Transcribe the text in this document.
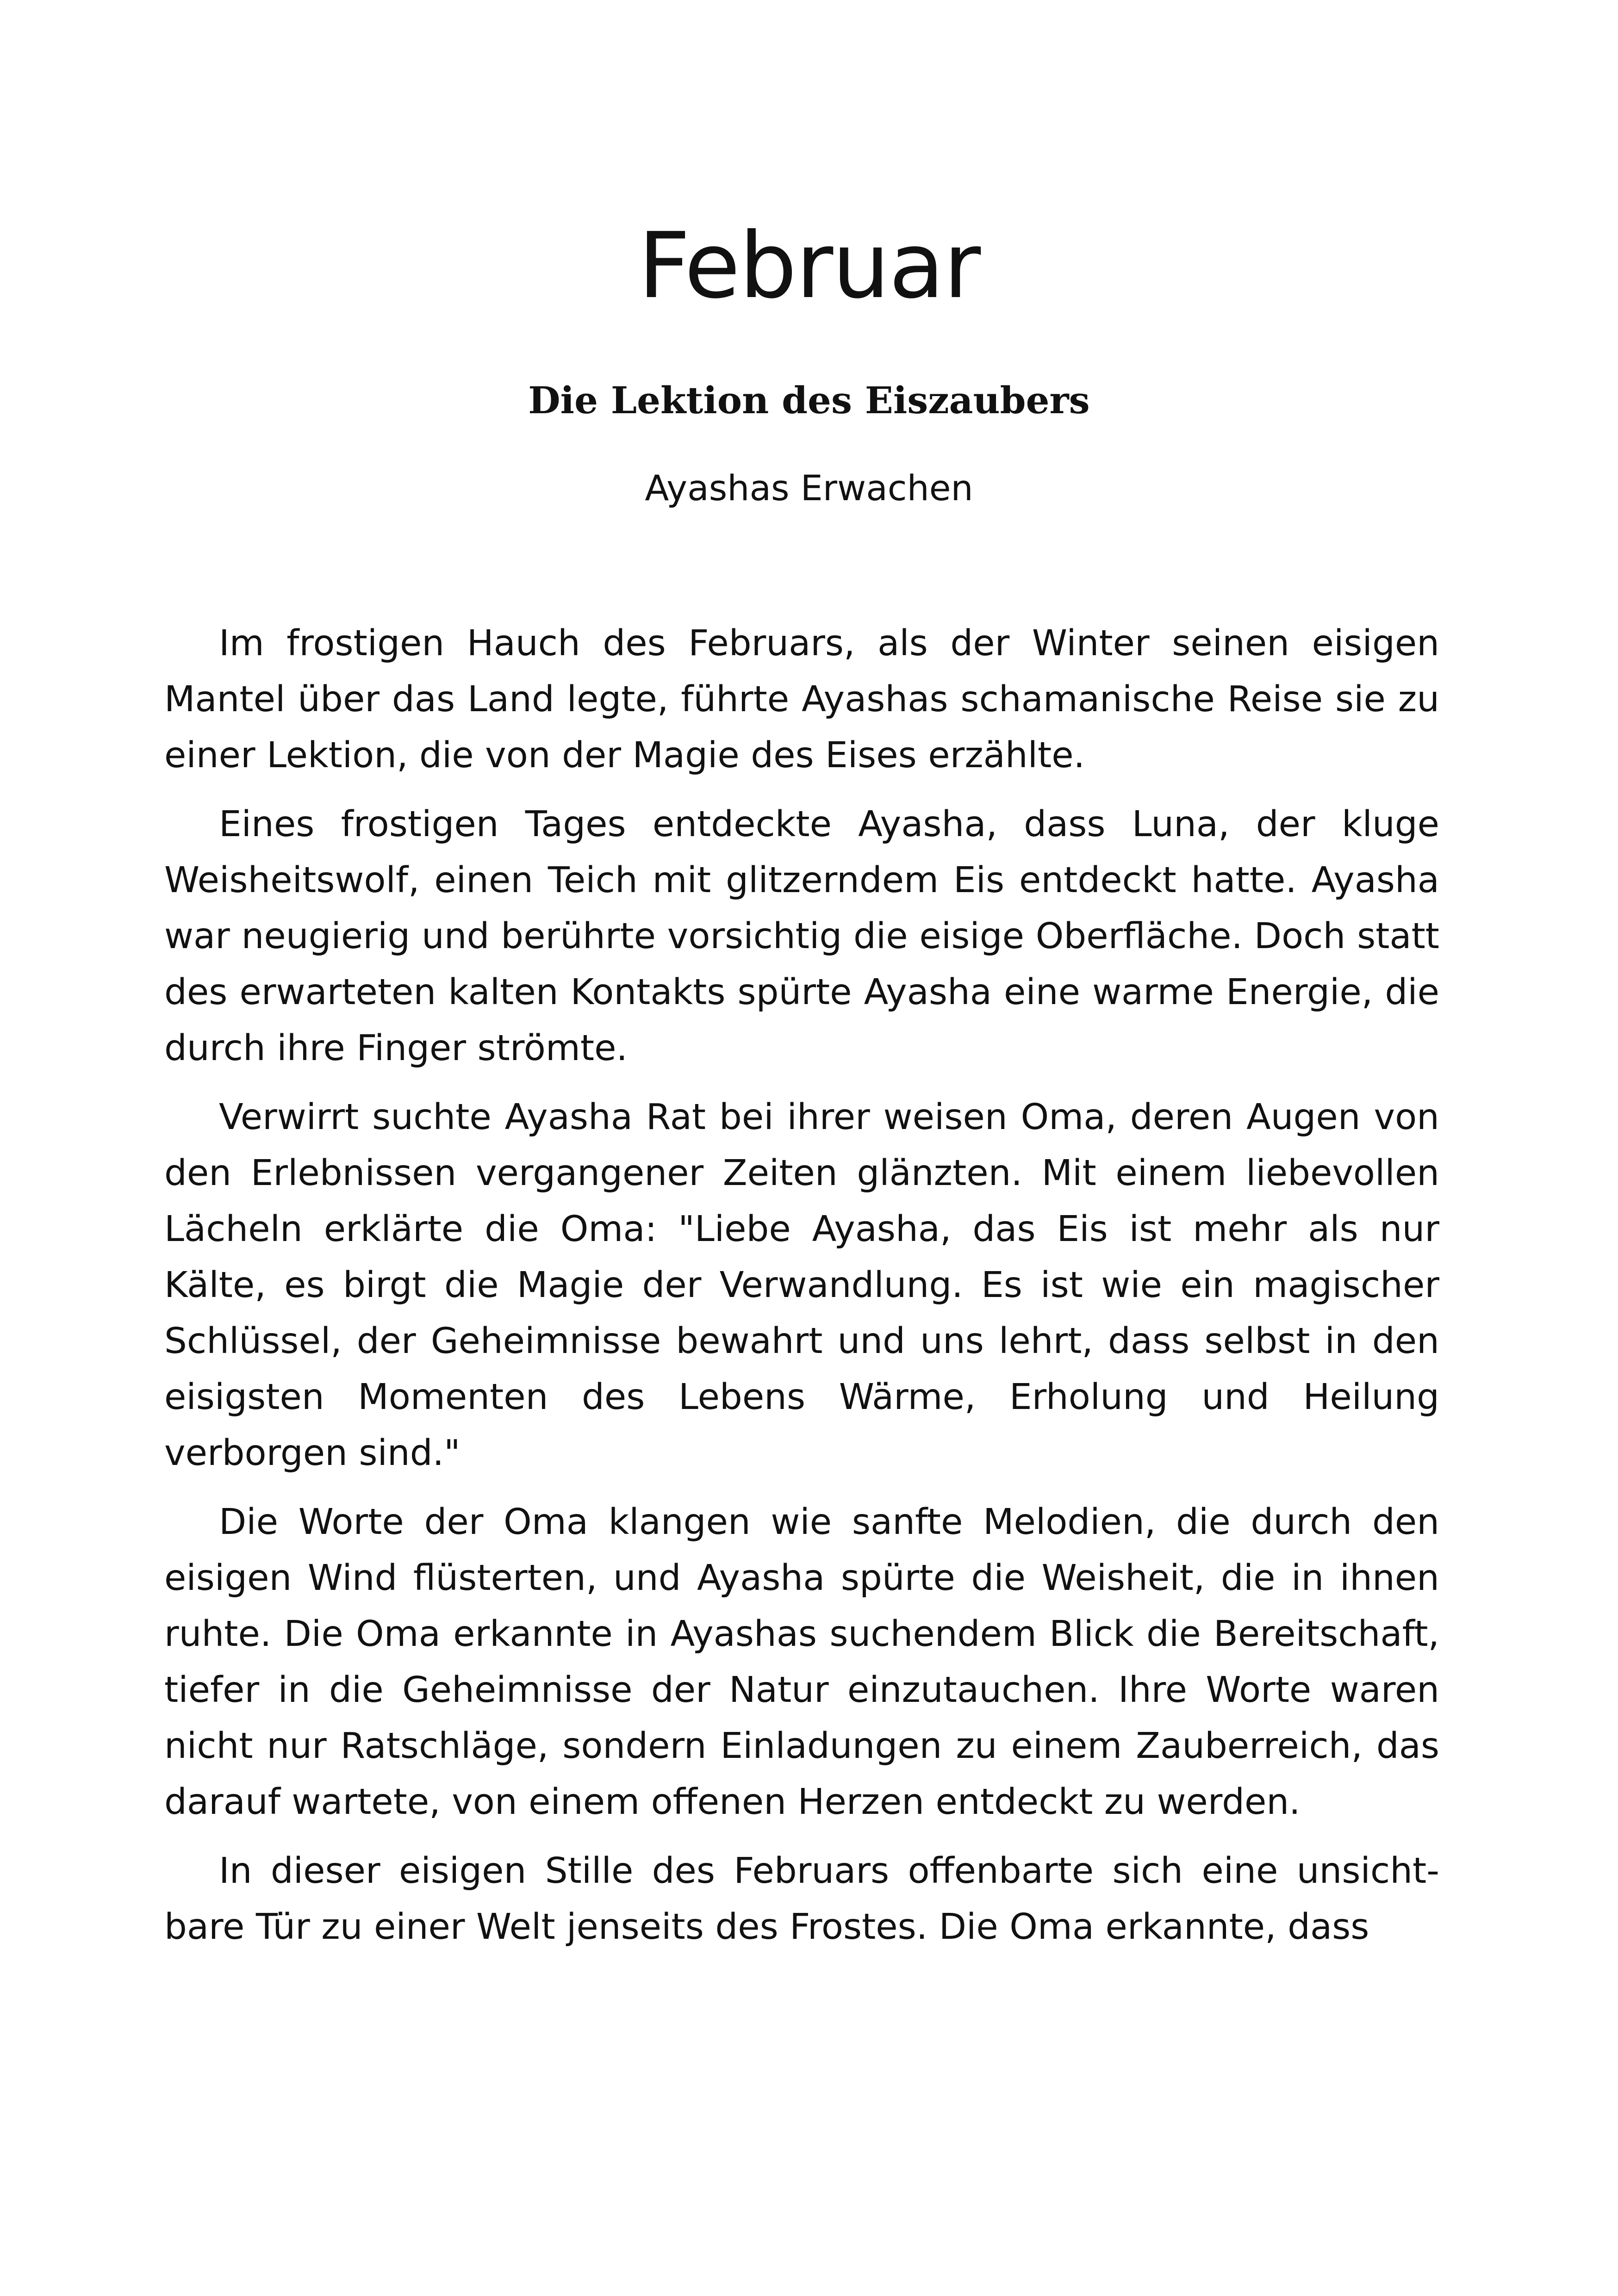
Februar
Die Lektion des Eiszaubers
Ayashas Erwachen

Im frostigen Hauch des Februars, als der Winter seinen eisigen Mantel über das Land legte, führte Ayashas schamanische Reise sie zu einer Lektion, die von der Magie des Eises erzählte.

Eines frostigen Tages entdeckte Ayasha, dass Luna, der kluge Weisheitswolf, einen Teich mit glitzerndem Eis entdeckt hatte. Ayasha war neugierig und berührte vorsichtig die eisige Oberfläche. Doch statt des erwarteten kalten Kontakts spürte Ayasha eine warme Energie, die durch ihre Finger strömte.

Verwirrt suchte Ayasha Rat bei ihrer weisen Oma, deren Augen von den Erlebnissen vergangener Zeiten glänzten. Mit einem liebevollen Lächeln erklärte die Oma: "Liebe Ayasha, das Eis ist mehr als nur Kälte, es birgt die Magie der Verwandlung. Es ist wie ein magischer Schlüssel, der Geheimnisse bewahrt und uns lehrt, dass selbst in den eisigsten Momenten des Lebens Wärme, Erholung und Heilung verborgen sind."

Die Worte der Oma klangen wie sanfte Melodien, die durch den eisigen Wind flüsterten, und Ayasha spürte die Weisheit, die in ihnen ruhte. Die Oma erkannte in Ayashas suchendem Blick die Bereitschaft, tiefer in die Geheimnisse der Natur einzutauchen. Ihre Worte waren nicht nur Ratschläge, sondern Einladungen zu einem Zauberreich, das darauf wartete, von einem offenen Herzen entdeckt zu werden.

In dieser eisigen Stille des Februars offenbarte sich eine unsichtbare Tür zu einer Welt jenseits des Frostes. Die Oma erkannte, dass
